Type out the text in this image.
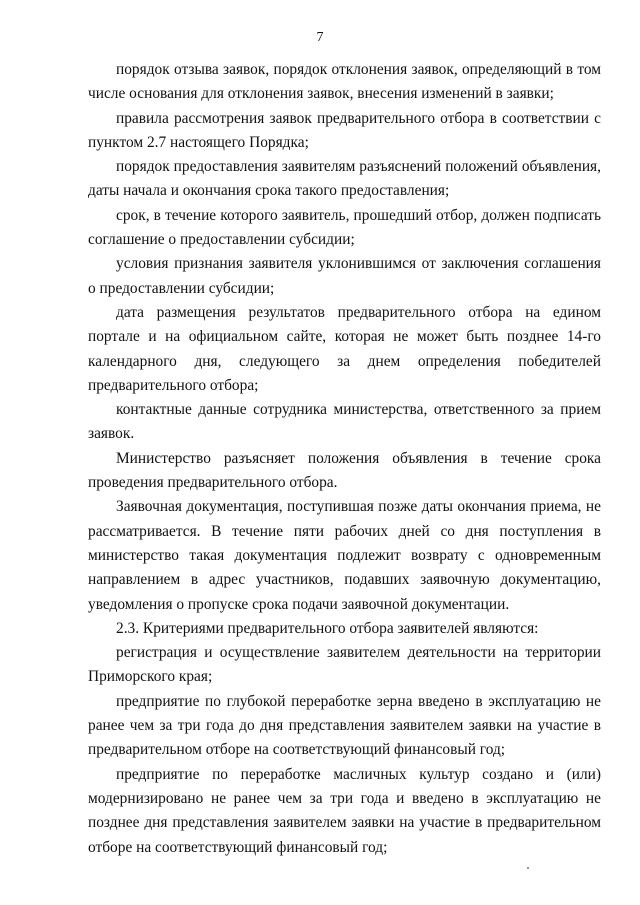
7

порядок отзыва заявок, порядок отклонения заявок, определяющий в том числе основания для отклонения заявок, внесения изменений в заявки;

правила рассмотрения заявок предварительного отбора в соответствии с пунктом 2.7 настоящего Порядка;

порядок предоставления заявителям разъяснений положений объявления, даты начала и окончания срока такого предоставления;

срок, в течение которого заявитель, прошедший отбор, должен подписать соглашение о предоставлении субсидии;

условия признания заявителя уклонившимся от заключения соглашения о предоставлении субсидии;

дата размещения результатов предварительного отбора на едином портале и на официальном сайте, которая не может быть позднее 14-го календарного дня, следующего за днем определения победителей предварительного отбора;

контактные данные сотрудника министерства, ответственного за прием заявок.

Министерство разъясняет положения объявления в течение срока проведения предварительного отбора.

Заявочная документация, поступившая позже даты окончания приема, не рассматривается. В течение пяти рабочих дней со дня поступления в министерство такая документация подлежит возврату с одновременным направлением в адрес участников, подавших заявочную документацию, уведомления о пропуске срока подачи заявочной документации.

2.3. Критериями предварительного отбора заявителей являются:

регистрация и осуществление заявителем деятельности на территории Приморского края;

предприятие по глубокой переработке зерна введено в эксплуатацию не ранее чем за три года до дня представления заявителем заявки на участие в предварительном отборе на соответствующий финансовый год;

предприятие по переработке масличных культур создано и (или) модернизировано не ранее чем за три года и введено в эксплуатацию не позднее дня представления заявителем заявки на участие в предварительном отборе на соответствующий финансовый год;
